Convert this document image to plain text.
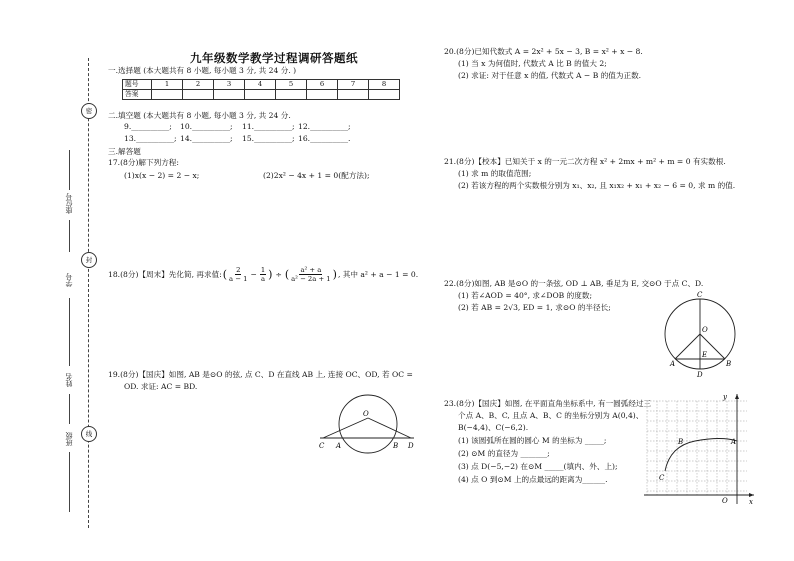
九年级数学教学过程调研答题纸
密
封
线
座位号
学号
姓名
班级
一.选择题 (本大题共有 8 小题, 每小题 3 分, 共 24 分. )
题号	1	2	3	4	5	6	7	8
答案								
二.填空题 (本大题共有 8 小题, 每小题 3 分, 共 24 分.
9.__________; 10.__________; 11.__________; 12.__________;
13.__________; 14.__________; 15.__________; 16.__________.
三.解答题
17.(8分)解下列方程:
(1)x(x − 2) = 2 − x;	(2)2x² − 4x + 1 = 0(配方法);
18.(8分)【周末】先化简, 再求值: ( $\frac{2}{a - 1} - \frac{1}{a}$ ) ÷ ( $\frac{\text{a² + a}}{\text{a² − 2a + 1}}$ ) , 其中 a² + a − 1 = 0.
19.(8分)【国庆】如图, AB 是⊙O 的弦, 点 C、D 在直线 AB 上, 连接 OC、OD, 若 OC =
OD. 求证: AC = BD.
O
C A	B D
20.(8分)已知代数式 A = 2x² + 5x − 3, B = x² + x − 8.
(1) 当 x 为何值时, 代数式 A 比 B 的值大 2;
(2) 求证: 对于任意 x 的值, 代数式 A − B 的值为正数.
21.(8分)【校本】已知关于 x 的一元二次方程 x² + 2mx + m² + m = 0 有实数根.
(1) 求 m 的取值范围;
(2) 若该方程的两个实数根分别为 x₁、x₂, 且 x₁x₂ + x₁ + x₂ − 6 = 0, 求 m 的值.
22.(8分)如图, AB 是⊙O 的一条弦, OD ⊥ AB, 垂足为 E, 交⊙O 于点 C、D.
(1) 若∠AOD = 40°, 求∠DOB 的度数;
(2) 若 AB = 2√3, ED = 1, 求⊙O 的半径长;
C
O
E
A	B
D
23.(8分)【国庆】如图, 在平面直角坐标系中, 有一圆弧经过三
个点 A、B、C, 且点 A、B、C 的坐标分别为 A(0,4)、
B(−4,4)、C(−6,2).
(1) 该圆弧所在圆的圆心 M 的坐标为 _____;
(2) ⊙M 的直径为 _______;
(3) 点 D(−5,−2) 在⊙M _____(填内、外、上);
(4) 点 O 到⊙M 上的点最远的距离为______.
y
x
O
A
B
C
